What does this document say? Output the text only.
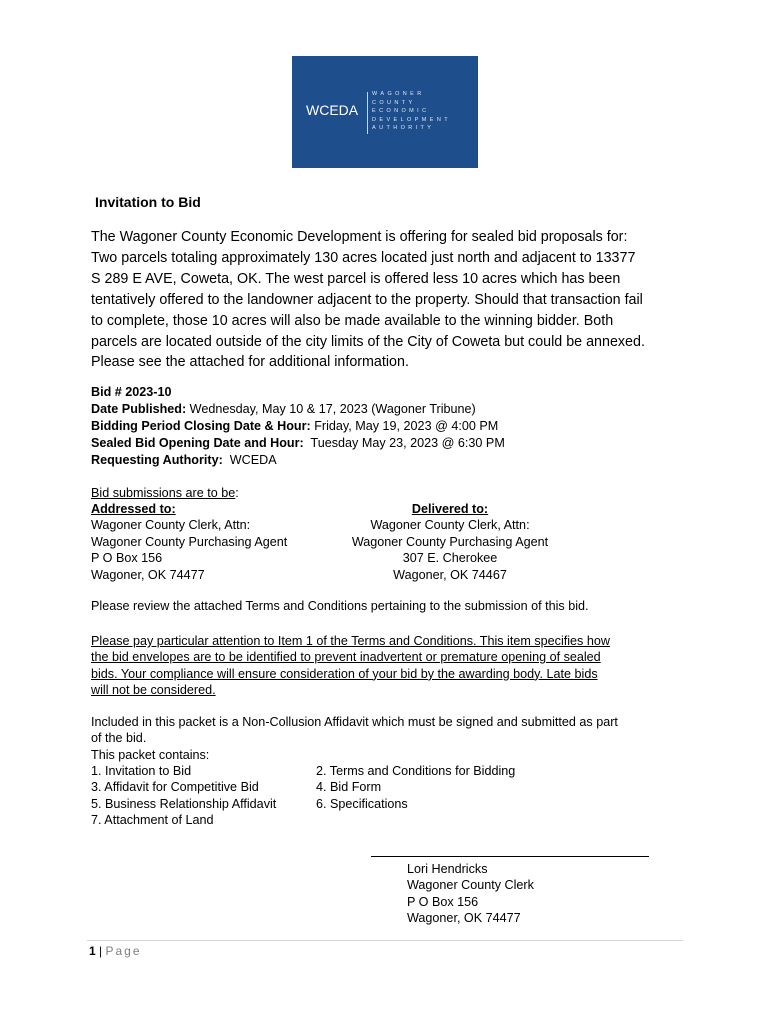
WCEDA
WAGONER
COUNTY
ECONOMIC
DEVELOPMENT
AUTHORITY
Invitation to Bid
The Wagoner County Economic Development is offering for sealed bid proposals for:
Two parcels totaling approximately 130 acres located just north and adjacent to 13377
S 289 E AVE, Coweta, OK. The west parcel is offered less 10 acres which has been
tentatively offered to the landowner adjacent to the property. Should that transaction fail
to complete, those 10 acres will also be made available to the winning bidder. Both
parcels are located outside of the city limits of the City of Coweta but could be annexed.
Please see the attached for additional information.
Bid # 2023-10
Date Published: Wednesday, May 10 & 17, 2023 (Wagoner Tribune)
Bidding Period Closing Date & Hour: Friday, May 19, 2023 @ 4:00 PM
Sealed Bid Opening Date and Hour:  Tuesday May 23, 2023 @ 6:30 PM
Requesting Authority:  WCEDA
Bid submissions are to be:
Addressed to:
Wagoner County Clerk, Attn:
Wagoner County Purchasing Agent
P O Box 156
Wagoner, OK 74477
Delivered to:
Wagoner County Clerk, Attn:
Wagoner County Purchasing Agent
307 E. Cherokee
Wagoner, OK 74467
Please review the attached Terms and Conditions pertaining to the submission of this bid.
Please pay particular attention to Item 1 of the Terms and Conditions. This item specifies how
the bid envelopes are to be identified to prevent inadvertent or premature opening of sealed
bids. Your compliance will ensure consideration of your bid by the awarding body. Late bids
will not be considered.
Included in this packet is a Non-Collusion Affidavit which must be signed and submitted as part
of the bid.
This packet contains:
1. Invitation to Bid
3. Affidavit for Competitive Bid
5. Business Relationship Affidavit
7. Attachment of Land
2. Terms and Conditions for Bidding
4. Bid Form
6. Specifications
Lori Hendricks
Wagoner County Clerk
P O Box 156
Wagoner, OK 74477
1 | Page
